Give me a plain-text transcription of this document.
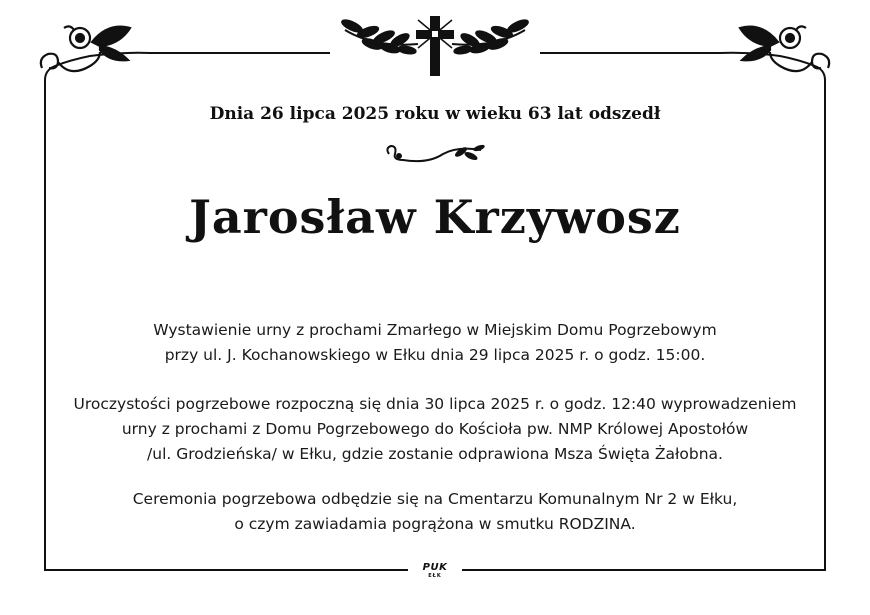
Dnia 26 lipca 2025 roku w wieku 63 lat odszedł
Jarosław Krzywosz
Wystawienie urny z prochami Zmarłego w Miejskim Domu Pogrzebowym
przy ul. J. Kochanowskiego w Ełku dnia 29 lipca 2025 r. o godz. 15:00.
Uroczystości pogrzebowe rozpoczną się dnia 30 lipca 2025 r. o godz. 12:40 wyprowadzeniem
urny z prochami z Domu Pogrzebowego do Kościoła pw. NMP Królowej Apostołów
/ul. Grodzieńska/ w Ełku, gdzie zostanie odprawiona Msza Święta Żałobna.
Ceremonia pogrzebowa odbędzie się na Cmentarzu Komunalnym Nr 2 w Ełku,
o czym zawiadamia pogrążona w smutku RODZINA.
PUK
EŁK
